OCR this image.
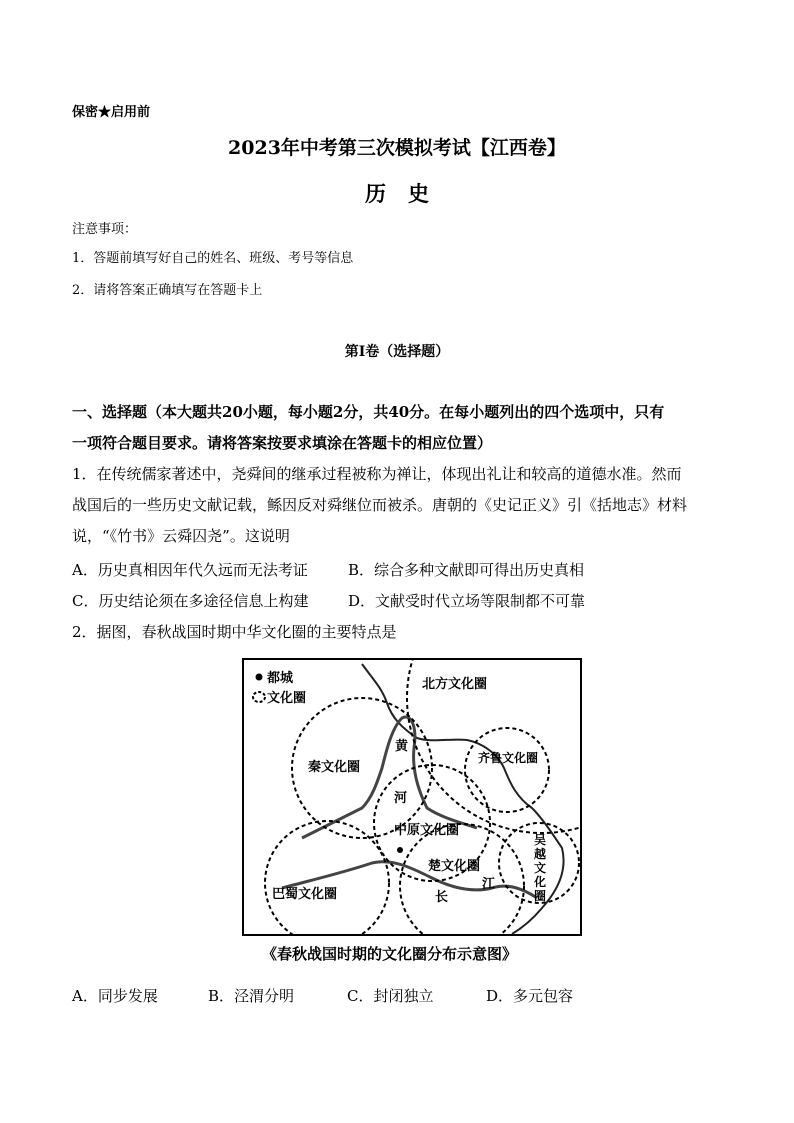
保密★启用前
2023年中考第三次模拟考试【江西卷】
历史
注意事项：
1．答题前填写好自己的姓名、班级、考号等信息
2．请将答案正确填写在答题卡上
第I卷（选择题）
一、选择题（本大题共20小题，每小题2分，共40分。在每小题列出的四个选项中，只有
一项符合题目要求。请将答案按要求填涂在答题卡的相应位置）
1．在传统儒家著述中，尧舜间的继承过程被称为禅让，体现出礼让和较高的道德水准。然而
战国后的一些历史文献记载，鲧因反对舜继位而被杀。唐朝的《史记正义》引《括地志》材料
说，“《竹书》云舜囚尧”。这说明
A．历史真相因年代久远而无法考证	B．综合多种文献即可得出历史真相
C．历史结论须在多途径信息上构建	D．文献受时代立场等限制都不可靠
2．据图，春秋战国时期中华文化圈的主要特点是
都城
文化圈
北方文化圈
秦文化圈
齐鲁文化圈
中原文化圈
楚文化圈
巴蜀文化圈
黄
河
长
江
吴越文化圈
《春秋战国时期的文化圈分布示意图》
A．同步发展	B．泾渭分明	C．封闭独立	D．多元包容
